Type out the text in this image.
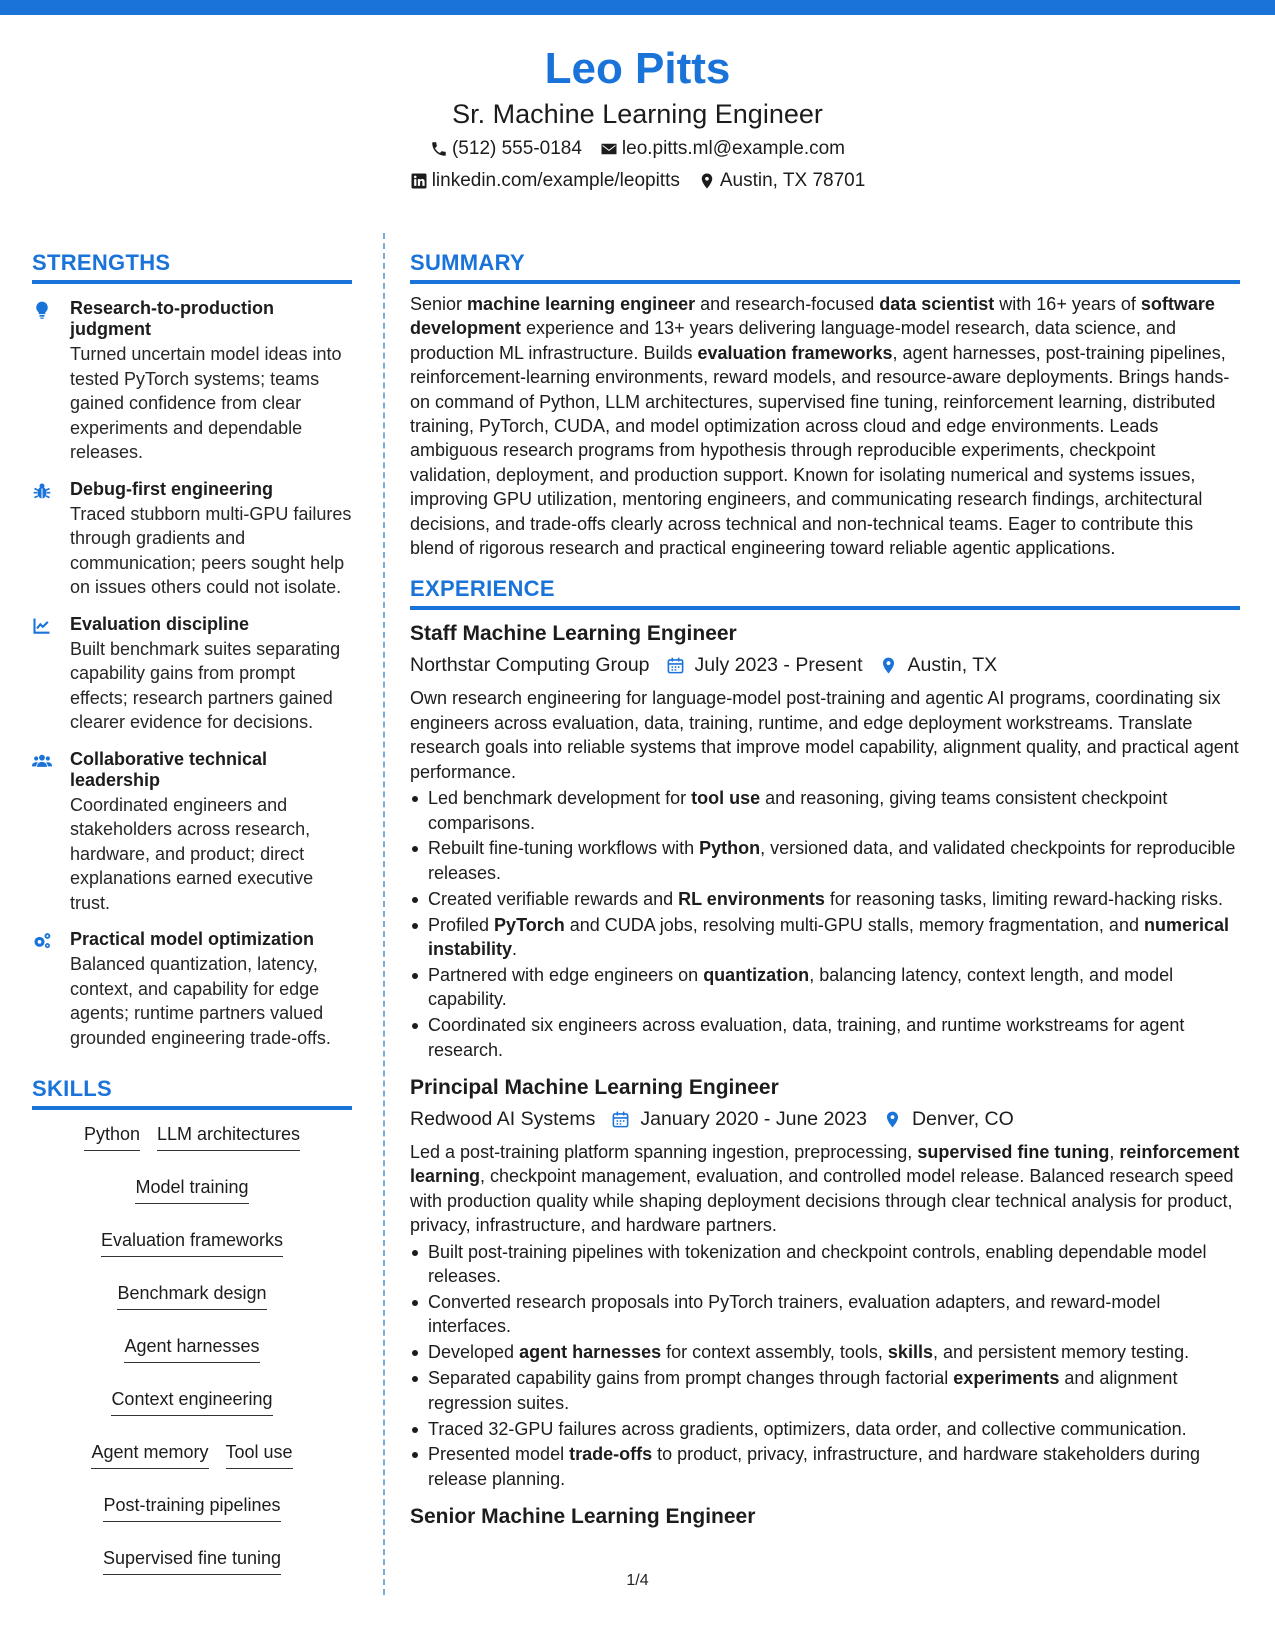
Leo Pitts
Sr. Machine Learning Engineer
(512) 555-0184 leo.pitts.ml@example.com
linkedin.com/example/leopitts Austin, TX 78701
STRENGTHS
Research-to-production judgment
Turned uncertain model ideas into tested PyTorch systems; teams gained confidence from clear experiments and dependable releases.
Debug-first engineering
Traced stubborn multi-GPU failures through gradients and communication; peers sought help on issues others could not isolate.
Evaluation discipline
Built benchmark suites separating capability gains from prompt effects; research partners gained clearer evidence for decisions.
Collaborative technical leadership
Coordinated engineers and stakeholders across research, hardware, and product; direct explanations earned executive trust.
Practical model optimization
Balanced quantization, latency, context, and capability for edge agents; runtime partners valued grounded engineering trade-offs.
SKILLS
Python LLM architectures
Model training
Evaluation frameworks
Benchmark design
Agent harnesses
Context engineering
Agent memory Tool use
Post-training pipelines
Supervised fine tuning
SUMMARY
Senior machine learning engineer and research-focused data scientist with 16+ years of software development experience and 13+ years delivering language-model research, data science, and production ML infrastructure. Builds evaluation frameworks, agent harnesses, post-training pipelines, reinforcement-learning environments, reward models, and resource-aware deployments. Brings hands-on command of Python, LLM architectures, supervised fine tuning, reinforcement learning, distributed training, PyTorch, CUDA, and model optimization across cloud and edge environments. Leads ambiguous research programs from hypothesis through reproducible experiments, checkpoint validation, deployment, and production support. Known for isolating numerical and systems issues, improving GPU utilization, mentoring engineers, and communicating research findings, architectural decisions, and trade-offs clearly across technical and non-technical teams. Eager to contribute this blend of rigorous research and practical engineering toward reliable agentic applications.
EXPERIENCE
Staff Machine Learning Engineer
Northstar Computing Group July 2023 - Present Austin, TX
Own research engineering for language-model post-training and agentic AI programs, coordinating six engineers across evaluation, data, training, runtime, and edge deployment workstreams. Translate research goals into reliable systems that improve model capability, alignment quality, and practical agent performance.
Led benchmark development for tool use and reasoning, giving teams consistent checkpoint comparisons.
Rebuilt fine-tuning workflows with Python, versioned data, and validated checkpoints for reproducible releases.
Created verifiable rewards and RL environments for reasoning tasks, limiting reward-hacking risks.
Profiled PyTorch and CUDA jobs, resolving multi-GPU stalls, memory fragmentation, and numerical instability.
Partnered with edge engineers on quantization, balancing latency, context length, and model capability.
Coordinated six engineers across evaluation, data, training, and runtime workstreams for agent research.
Principal Machine Learning Engineer
Redwood AI Systems January 2020 - June 2023 Denver, CO
Led a post-training platform spanning ingestion, preprocessing, supervised fine tuning, reinforcement learning, checkpoint management, evaluation, and controlled model release. Balanced research speed with production quality while shaping deployment decisions through clear technical analysis for product, privacy, infrastructure, and hardware partners.
Built post-training pipelines with tokenization and checkpoint controls, enabling dependable model releases.
Converted research proposals into PyTorch trainers, evaluation adapters, and reward-model interfaces.
Developed agent harnesses for context assembly, tools, skills, and persistent memory testing.
Separated capability gains from prompt changes through factorial experiments and alignment regression suites.
Traced 32-GPU failures across gradients, optimizers, data order, and collective communication.
Presented model trade-offs to product, privacy, infrastructure, and hardware stakeholders during release planning.
Senior Machine Learning Engineer
1/4
